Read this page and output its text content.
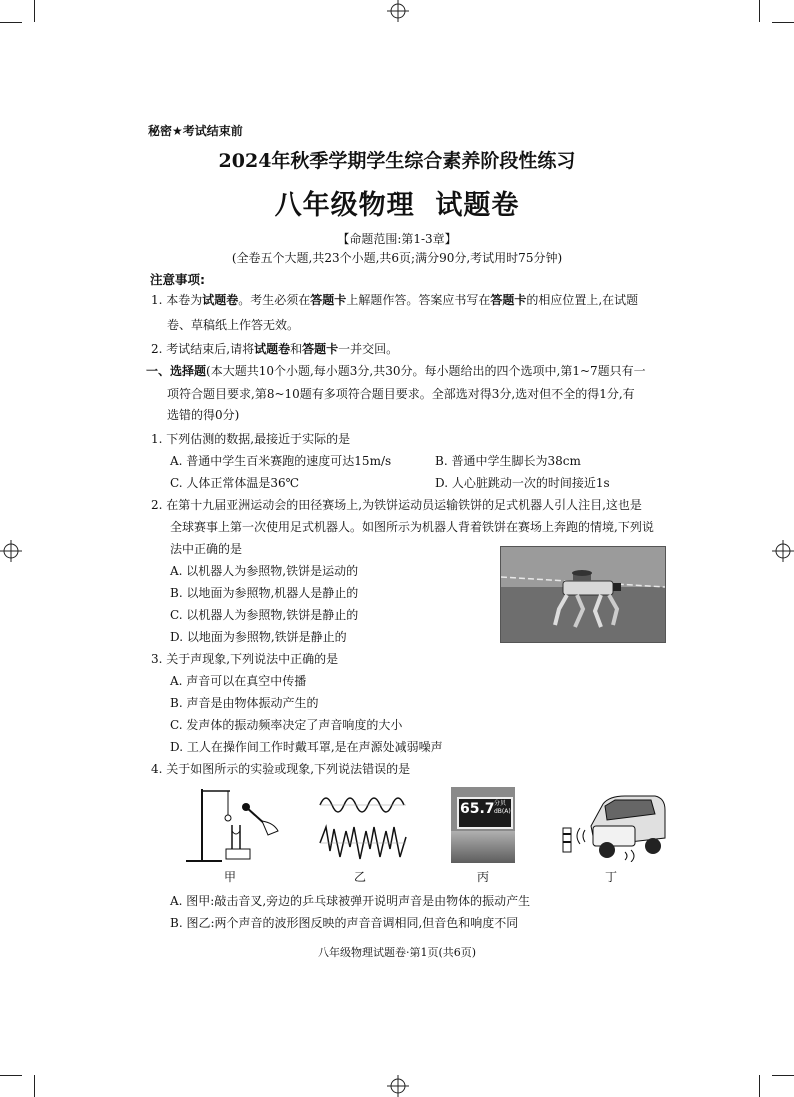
秘密★考试结束前
2024年秋季学期学生综合素养阶段性练习
八年级物理  试题卷
【命题范围:第1-3章】
(全卷五个大题,共23个小题,共6页;满分90分,考试用时75分钟)
注意事项:
1. 本卷为试题卷。考生必须在答题卡上解题作答。答案应书写在答题卡的相应位置上,在试题
卷、草稿纸上作答无效。
2. 考试结束后,请将试题卷和答题卡一并交回。
一、选择题(本大题共10个小题,每小题3分,共30分。每小题给出的四个选项中,第1~7题只有一
项符合题目要求,第8~10题有多项符合题目要求。全部选对得3分,选对但不全的得1分,有
选错的得0分)
1. 下列估测的数据,最接近于实际的是
A. 普通中学生百米赛跑的速度可达15m/s	B. 普通中学生脚长为38cm
C. 人体正常体温是36℃	D. 人心脏跳动一次的时间接近1s
2. 在第十九届亚洲运动会的田径赛场上,为铁饼运动员运输铁饼的足式机器人引人注目,这也是
全球赛事上第一次使用足式机器人。如图所示为机器人背着铁饼在赛场上奔跑的情境,下列说
法中正确的是
A. 以机器人为参照物,铁饼是运动的
B. 以地面为参照物,机器人是静止的
C. 以机器人为参照物,铁饼是静止的
D. 以地面为参照物,铁饼是静止的
3. 关于声现象,下列说法中正确的是
A. 声音可以在真空中传播
B. 声音是由物体振动产生的
C. 发声体的振动频率决定了声音响度的大小
D. 工人在操作间工作时戴耳罩,是在声源处减弱噪声
4. 关于如图所示的实验或现象,下列说法错误的是
65.7 分贝
dB(A)
甲	乙	丙	丁
A. 图甲:敲击音叉,旁边的乒乓球被弹开说明声音是由物体的振动产生
B. 图乙:两个声音的波形图反映的声音音调相同,但音色和响度不同
八年级物理试题卷·第1页(共6页)
